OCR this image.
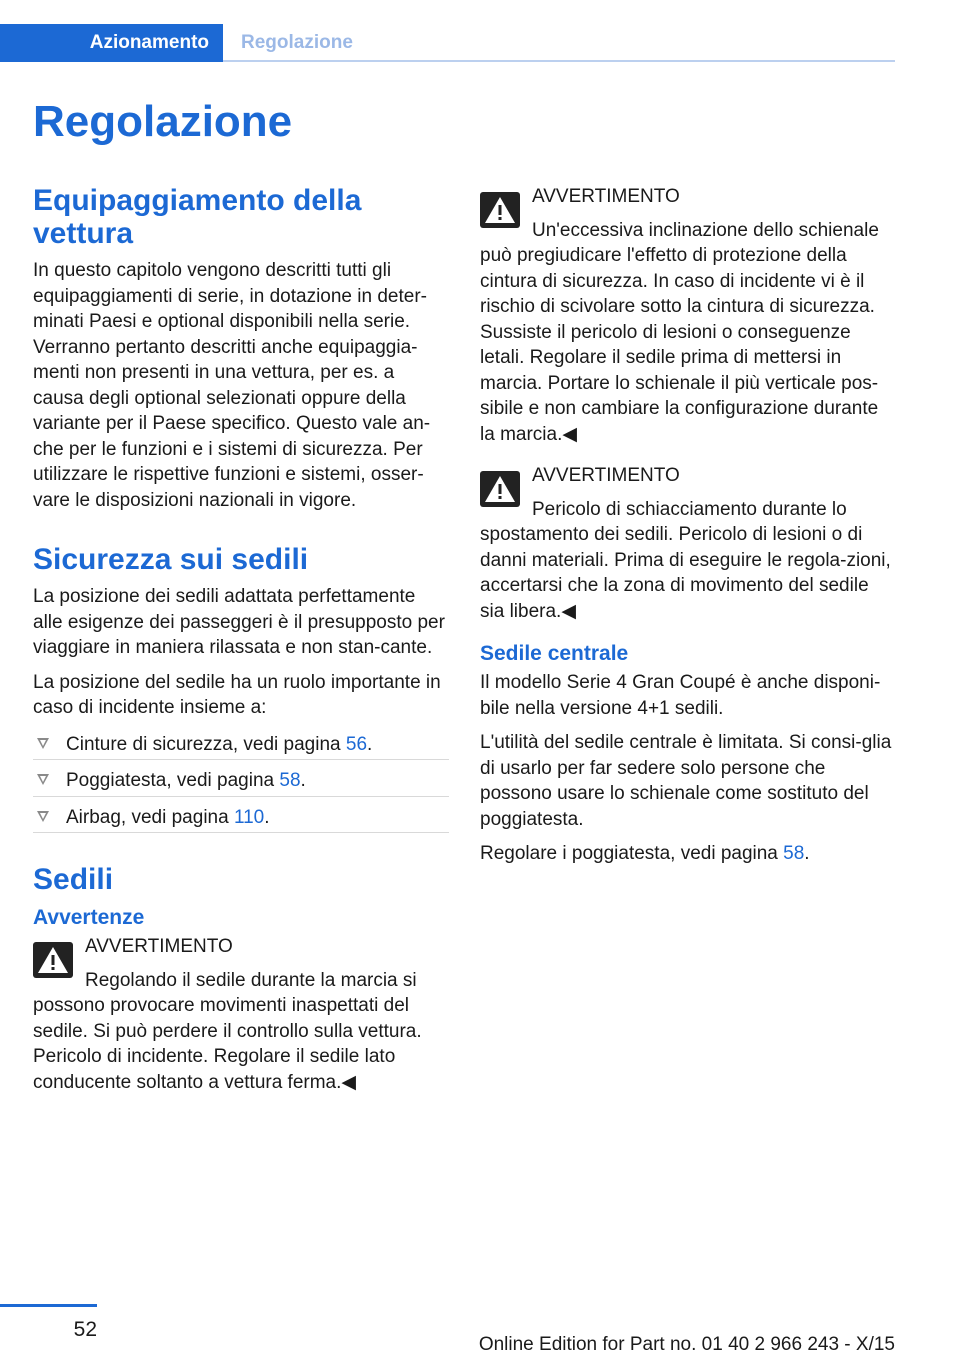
Azionamento	Regolazione
Regolazione
Equipaggiamento della vettura

In questo capitolo vengono descritti tutti gli equipaggiamenti di serie, in dotazione in deter‐minati Paesi e optional disponibili nella serie. Verranno pertanto descritti anche equipaggia‐menti non presenti in una vettura, per es. a causa degli optional selezionati oppure della variante per il Paese specifico. Questo vale an‐che per le funzioni e i sistemi di sicurezza. Per utilizzare le rispettive funzioni e sistemi, osser‐vare le disposizioni nazionali in vigore.

Sicurezza sui sedili

La posizione dei sedili adattata perfettamente alle esigenze dei passeggeri è il presupposto per viaggiare in maniera rilassata e non stan‐cante.

La posizione del sedile ha un ruolo importante in caso di incidente insieme a:

Cinture di sicurezza, vedi pagina 56.
Poggiatesta, vedi pagina 58.
Airbag, vedi pagina 110.
Sedili
Avvertenze

AVVERTIMENTO

Regolando il sedile durante la marcia si possono provocare movimenti inaspettati del sedile. Si può perdere il controllo sulla vettura. Pericolo di incidente. Regolare il sedile lato conducente soltanto a vettura ferma.◀

AVVERTIMENTO

Un'eccessiva inclinazione dello schienale può pregiudicare l'effetto di protezione della cintura di sicurezza. In caso di incidente vi è il rischio di scivolare sotto la cintura di sicurezza. Sussiste il pericolo di lesioni o conseguenze letali. Regolare il sedile prima di mettersi in marcia. Portare lo schienale il più verticale pos‐sibile e non cambiare la configurazione durante la marcia.◀

AVVERTIMENTO

Pericolo di schiacciamento durante lo spostamento dei sedili. Pericolo di lesioni o di danni materiali. Prima di eseguire le regola‐zioni, accertarsi che la zona di movimento del sedile sia libera.◀

Sedile centrale

Il modello Serie 4 Gran Coupé è anche disponi‐bile nella versione 4+1 sedili.

L'utilità del sedile centrale è limitata. Si consi‐glia di usarlo per far sedere solo persone che possono usare lo schienale come sostituto del poggiatesta.

Regolare i poggiatesta, vedi pagina 58.

52
Online Edition for Part no. 01 40 2 966 243 - X/15
